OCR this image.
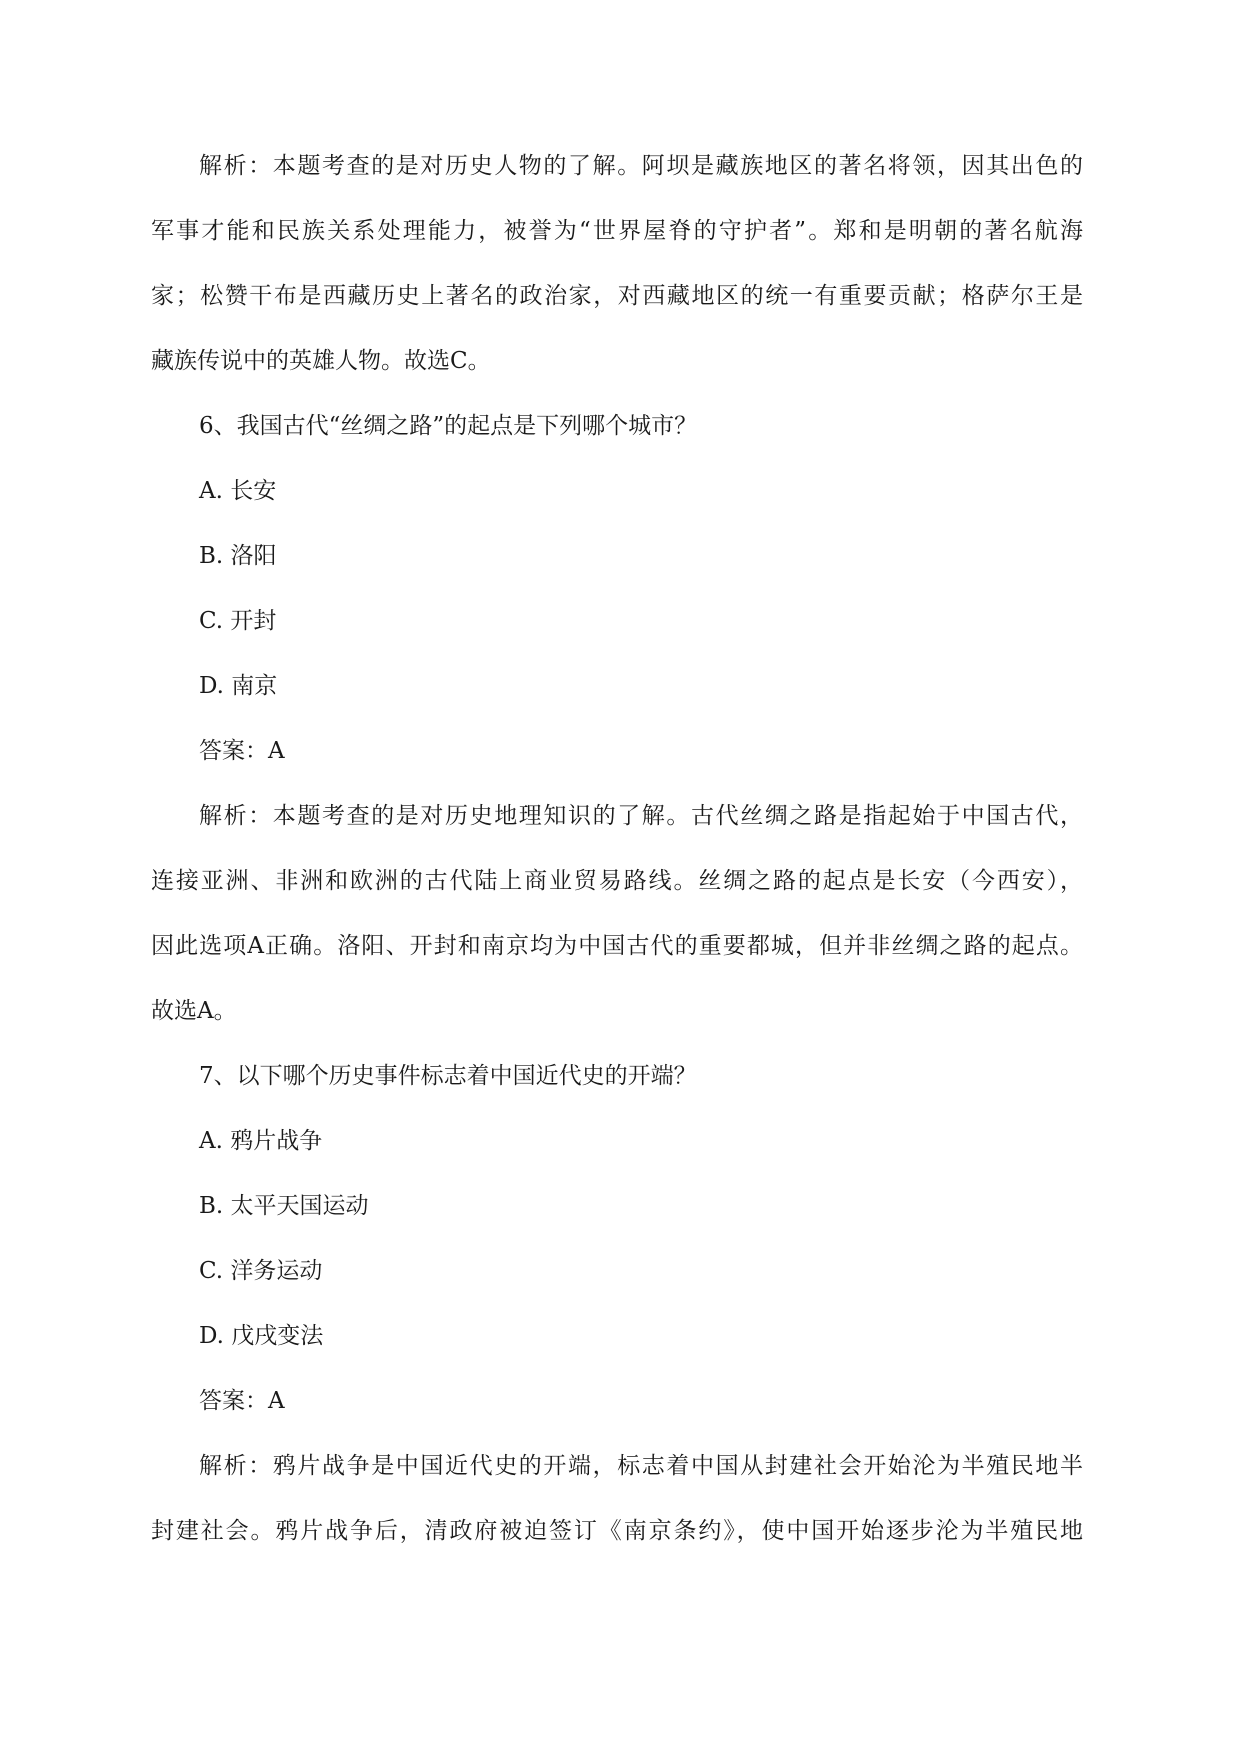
解析：本题考查的是对历史人物的了解。阿坝是藏族地区的著名将领，因其出色的
军事才能和民族关系处理能力，被誉为“世界屋脊的守护者”。郑和是明朝的著名航海
家；松赞干布是西藏历史上著名的政治家，对西藏地区的统一有重要贡献；格萨尔王是
藏族传说中的英雄人物。故选C。
6、我国古代“丝绸之路”的起点是下列哪个城市？
A. 长安
B. 洛阳
C. 开封
D. 南京
答案：A
解析：本题考查的是对历史地理知识的了解。古代丝绸之路是指起始于中国古代，
连接亚洲、非洲和欧洲的古代陆上商业贸易路线。丝绸之路的起点是长安（今西安），
因此选项A正确。洛阳、开封和南京均为中国古代的重要都城，但并非丝绸之路的起点。
故选A。
7、以下哪个历史事件标志着中国近代史的开端？
A. 鸦片战争
B. 太平天国运动
C. 洋务运动
D. 戊戌变法
答案：A
解析：鸦片战争是中国近代史的开端，标志着中国从封建社会开始沦为半殖民地半
封建社会。鸦片战争后，清政府被迫签订《南京条约》，使中国开始逐步沦为半殖民地
